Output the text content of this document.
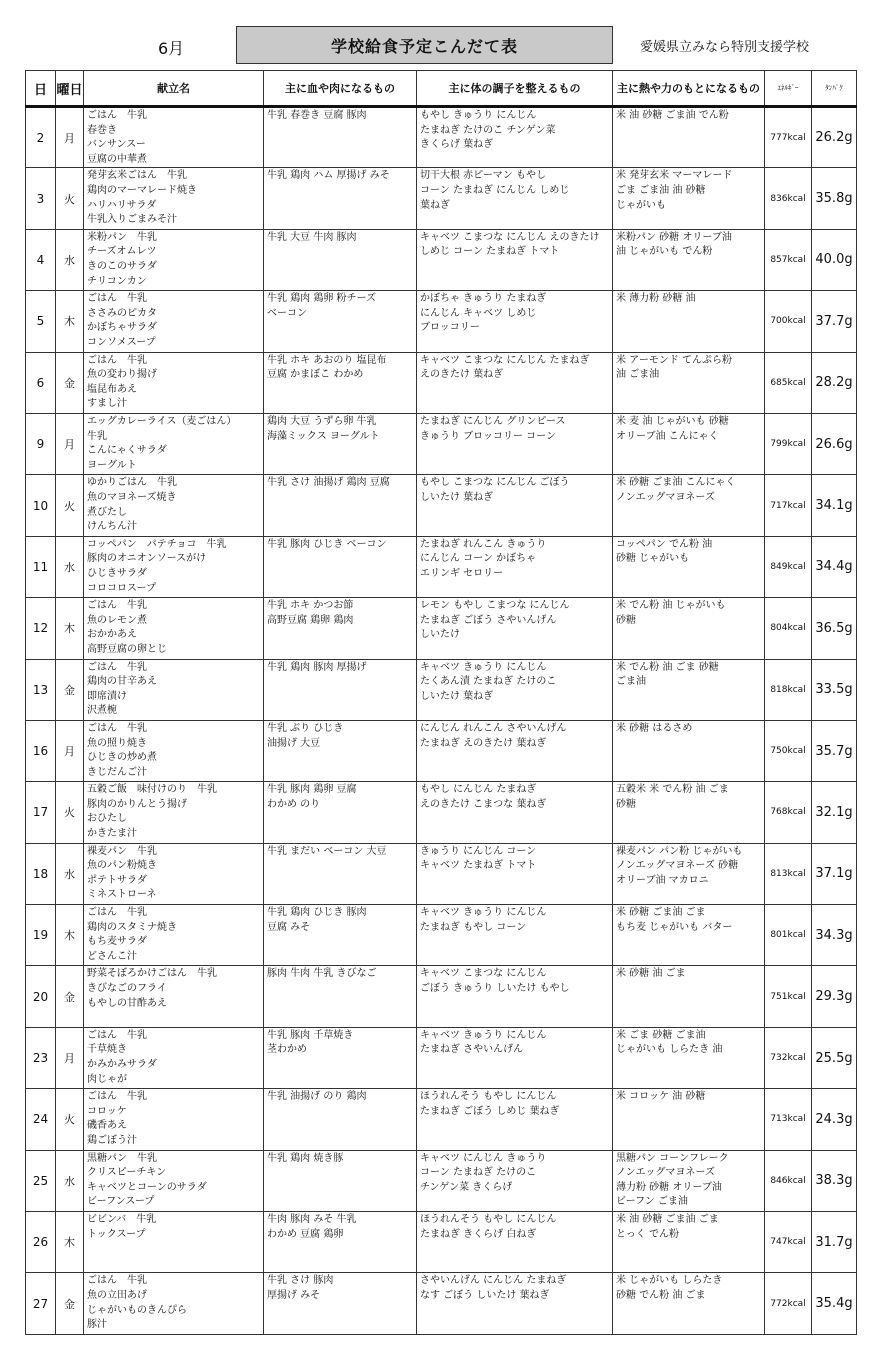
6月	学校給食予定こんだて表	愛媛県立みなら特別支援学校
日	曜日	献立名	主に血や肉になるもの	主に体の調子を整えるもの	主に熱や力のもとになるもの	ｴﾈﾙｷﾞｰ	ﾀﾝﾊﾟｸ
2	月	ごはん　牛乳
春巻き
バンサンスー
豆腐の中華煮	牛乳 春巻き 豆腐 豚肉	もやし きゅうり にんじん
たまねぎ たけのこ チンゲン菜
きくらげ 葉ねぎ	米 油 砂糖 ごま油 でん粉	777kcal	26.2g
3	火	発芽玄米ごはん　牛乳
鶏肉のマーマレード焼き
ハリハリサラダ
牛乳入りごまみそ汁	牛乳 鶏肉 ハム 厚揚げ みそ	切干大根 赤ピーマン もやし
コーン たまねぎ にんじん しめじ
葉ねぎ	米 発芽玄米 マーマレード
ごま ごま油 油 砂糖
じゃがいも	836kcal	35.8g
4	水	米粉パン　牛乳
チーズオムレツ
きのこのサラダ
チリコンカン	牛乳 大豆 牛肉 豚肉	キャベツ こまつな にんじん えのきたけ
しめじ コーン たまねぎ トマト	米粉パン 砂糖 オリーブ油
油 じゃがいも でん粉	857kcal	40.0g
5	木	ごはん　牛乳
ささみのピカタ
かぼちゃサラダ
コンソメスープ	牛乳 鶏肉 鶏卵 粉チーズ
ベーコン	かぼちゃ きゅうり たまねぎ
にんじん キャベツ しめじ
ブロッコリー	米 薄力粉 砂糖 油	700kcal	37.7g
6	金	ごはん　牛乳
魚の変わり揚げ
塩昆布あえ
すまし汁	牛乳 ホキ あおのり 塩昆布
豆腐 かまぼこ わかめ	キャベツ こまつな にんじん たまねぎ
えのきたけ 葉ねぎ	米 アーモンド てんぷら粉
油 ごま油	685kcal	28.2g
9	月	エッグカレーライス（麦ごはん）
牛乳
こんにゃくサラダ
ヨーグルト	鶏肉 大豆 うずら卵 牛乳
海藻ミックス ヨーグルト	たまねぎ にんじん グリンピース
きゅうり ブロッコリー コーン	米 麦 油 じゃがいも 砂糖
オリーブ油 こんにゃく	799kcal	26.6g
10	火	ゆかりごはん　牛乳
魚のマヨネーズ焼き
煮びたし
けんちん汁	牛乳 さけ 油揚げ 鶏肉 豆腐	もやし こまつな にんじん ごぼう
しいたけ 葉ねぎ	米 砂糖 ごま油 こんにゃく
ノンエッグマヨネーズ	717kcal	34.1g
11	水	コッペパン　パテチョコ　牛乳
豚肉のオニオンソースがけ
ひじきサラダ
コロコロスープ	牛乳 豚肉 ひじき ベーコン	たまねぎ れんこん きゅうり
にんじん コーン かぼちゃ
エリンギ セロリー	コッペパン でん粉 油
砂糖 じゃがいも	849kcal	34.4g
12	木	ごはん　牛乳
魚のレモン煮
おかかあえ
高野豆腐の卵とじ	牛乳 ホキ かつお節
高野豆腐 鶏卵 鶏肉	レモン もやし こまつな にんじん
たまねぎ ごぼう さやいんげん
しいたけ	米 でん粉 油 じゃがいも
砂糖	804kcal	36.5g
13	金	ごはん　牛乳
鶏肉の甘辛あえ
即席漬け
沢煮椀	牛乳 鶏肉 豚肉 厚揚げ	キャベツ きゅうり にんじん
たくあん漬 たまねぎ たけのこ
しいたけ 葉ねぎ	米 でん粉 油 ごま 砂糖
ごま油	818kcal	33.5g
16	月	ごはん　牛乳
魚の照り焼き
ひじきの炒め煮
きじだんご汁	牛乳 ぶり ひじき
油揚げ 大豆	にんじん れんこん さやいんげん
たまねぎ えのきたけ 葉ねぎ	米 砂糖 はるさめ	750kcal	35.7g
17	火	五穀ご飯　味付けのり　牛乳
豚肉のかりんとう揚げ
おひたし
かきたま汁	牛乳 豚肉 鶏卵 豆腐
わかめ のり	もやし にんじん たまねぎ
えのきたけ こまつな 葉ねぎ	五穀米 米 でん粉 油 ごま
砂糖	768kcal	32.1g
18	水	裸麦パン　牛乳
魚のパン粉焼き
ポテトサラダ
ミネストローネ	牛乳 まだい ベーコン 大豆	きゅうり にんじん コーン
キャベツ たまねぎ トマト	裸麦パン パン粉 じゃがいも
ノンエッグマヨネーズ 砂糖
オリーブ油 マカロニ	813kcal	37.1g
19	木	ごはん　牛乳
鶏肉のスタミナ焼き
もち麦サラダ
どさんこ汁	牛乳 鶏肉 ひじき 豚肉
豆腐 みそ	キャベツ きゅうり にんじん
たまねぎ もやし コーン	米 砂糖 ごま油 ごま
もち麦 じゃがいも バター	801kcal	34.3g
20	金	野菜そぼろかけごはん　牛乳
きびなごのフライ
もやしの甘酢あえ	豚肉 牛肉 牛乳 きびなご	キャベツ こまつな にんじん
ごぼう きゅうり しいたけ もやし	米 砂糖 油 ごま	751kcal	29.3g
23	月	ごはん　牛乳
千草焼き
かみかみサラダ
肉じゃが	牛乳 豚肉 千草焼き
茎わかめ	キャベツ きゅうり にんじん
たまねぎ さやいんげん	米 ごま 砂糖 ごま油
じゃがいも しらたき 油	732kcal	25.5g
24	火	ごはん　牛乳
コロッケ
磯香あえ
鶏ごぼう汁	牛乳 油揚げ のり 鶏肉	ほうれんそう もやし にんじん
たまねぎ ごぼう しめじ 葉ねぎ	米 コロッケ 油 砂糖	713kcal	24.3g
25	水	黒糖パン　牛乳
クリスピーチキン
キャベツとコーンのサラダ
ビーフンスープ	牛乳 鶏肉 焼き豚	キャベツ にんじん きゅうり
コーン たまねぎ たけのこ
チンゲン菜 きくらげ	黒糖パン コーンフレーク
ノンエッグマヨネーズ
薄力粉 砂糖 オリーブ油
ビーフン ごま油	846kcal	38.3g
26	木	ビビンバ　牛乳
トックスープ	牛肉 豚肉 みそ 牛乳
わかめ 豆腐 鶏卵	ほうれんそう もやし にんじん
たまねぎ きくらげ 白ねぎ	米 油 砂糖 ごま油 ごま
とっく でん粉	747kcal	31.7g
27	金	ごはん　牛乳
魚の立田あげ
じゃがいものきんぴら
豚汁	牛乳 さけ 豚肉
厚揚げ みそ	さやいんげん にんじん たまねぎ
なす ごぼう しいたけ 葉ねぎ	米 じゃがいも しらたき
砂糖 でん粉 油 ごま	772kcal	35.4g
